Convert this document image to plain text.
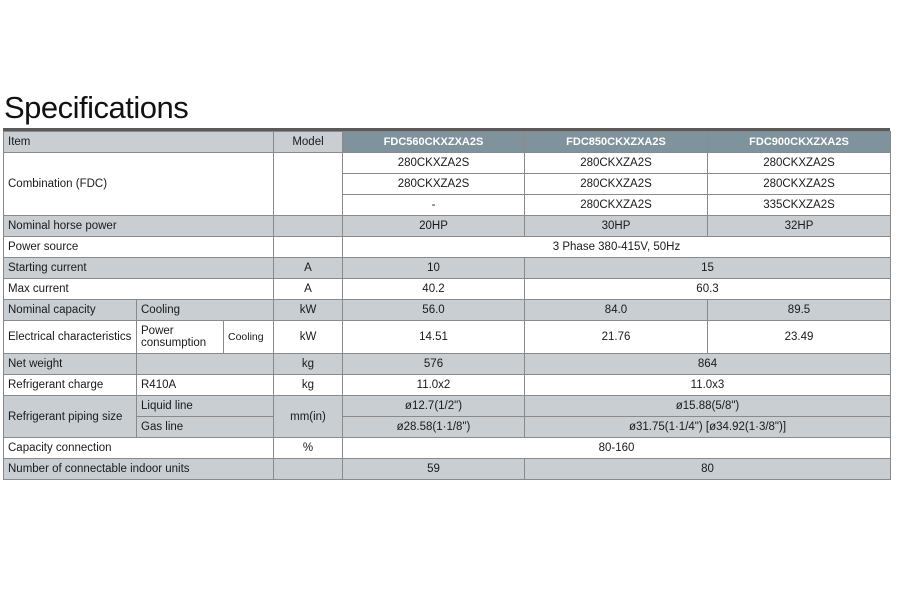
Specifications
Item			Model	FDC560CKXZXA2S	FDC850CKXZXA2S	FDC900CKXZXA2S
Combination (FDC)				280CKXZA2S	280CKXZA2S	280CKXZA2S
				280CKXZA2S	280CKXZA2S	280CKXZA2S
				-	280CKXZA2S	335CKXZA2S
Nominal horse power				20HP	30HP	32HP
Power source				3 Phase 380-415V, 50Hz		
Starting current			A	10	15	
Max current			A	40.2	60.3	
Nominal capacity	Cooling		kW	56.0	84.0	89.5
Electrical characteristics	Power consumption	Cooling	kW	14.51	21.76	23.49
Net weight			kg	576	864	
Refrigerant charge	R410A		kg	11.0x2	11.0x3	
Refrigerant piping size	Liquid line		mm(in)	ø12.7(1/2")	ø15.88(5/8")	
	Gas line			ø28.58(1·1/8")	ø31.75(1·1/4") [ø34.92(1·3/8")]	
Capacity connection			%	80-160		
Number of connectable indoor units				59	80	
